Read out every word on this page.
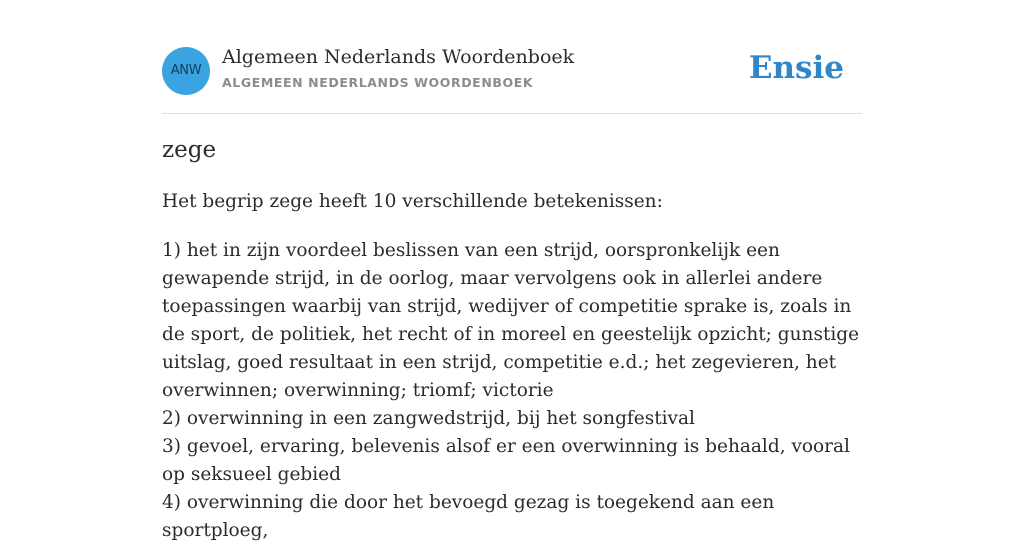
ANW
Algemeen Nederlands Woordenboek
ALGEMEEN NEDERLANDS WOORDENBOEK	Ensie
zege

Het begrip zege heeft 10 verschillende betekenissen:

1) het in zijn voordeel beslissen van een strijd, oorspronkelijk een gewapende strijd, in de oorlog, maar vervolgens ook in allerlei andere toepassingen waarbij van strijd, wedijver of competitie sprake is, zoals in de sport, de politiek, het recht of in moreel en geestelijk opzicht; gunstige uitslag, goed resultaat in een strijd, competitie e.d.; het zegevieren, het overwinnen; overwinning; triomf; victorie
2) overwinning in een zangwedstrijd, bij het songfestival
3) gevoel, ervaring, belevenis alsof er een overwinning is behaald, vooral op seksueel gebied
4) overwinning die door het bevoegd gezag is toegekend aan een sportploeg,
